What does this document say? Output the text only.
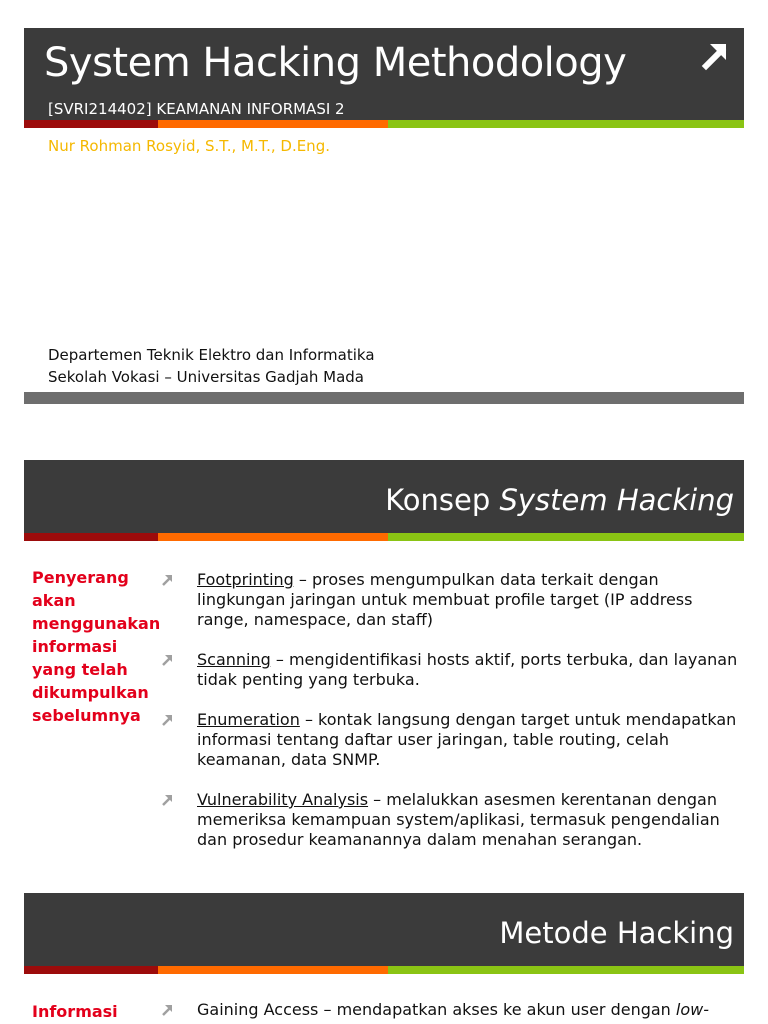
System Hacking Methodology
[SVRI214402] KEAMANAN INFORMASI 2
Nur Rohman Rosyid, S.T., M.T., D.Eng.
Departemen Teknik Elektro dan Informatika
Sekolah Vokasi – Universitas Gadjah Mada
Konsep System Hacking
Penyerang akan menggunakan informasi yang telah dikumpulkan sebelumnya
Footprinting – proses mengumpulkan data terkait dengan lingkungan jaringan untuk membuat profile target (IP address range, namespace, dan staff)
Scanning – mengidentifikasi hosts aktif, ports terbuka, dan layanan tidak penting yang terbuka.
Enumeration – kontak langsung dengan target untuk mendapatkan informasi tentang daftar user jaringan, table routing, celah keamanan, data SNMP.
Vulnerability Analysis – melalukkan asesmen kerentanan dengan memeriksa kemampuan system/aplikasi, termasuk pengendalian dan prosedur keamanannya dalam menahan serangan.
Metode Hacking
Informasi	Gaining Access – mendapatkan akses ke akun user dengan low-
